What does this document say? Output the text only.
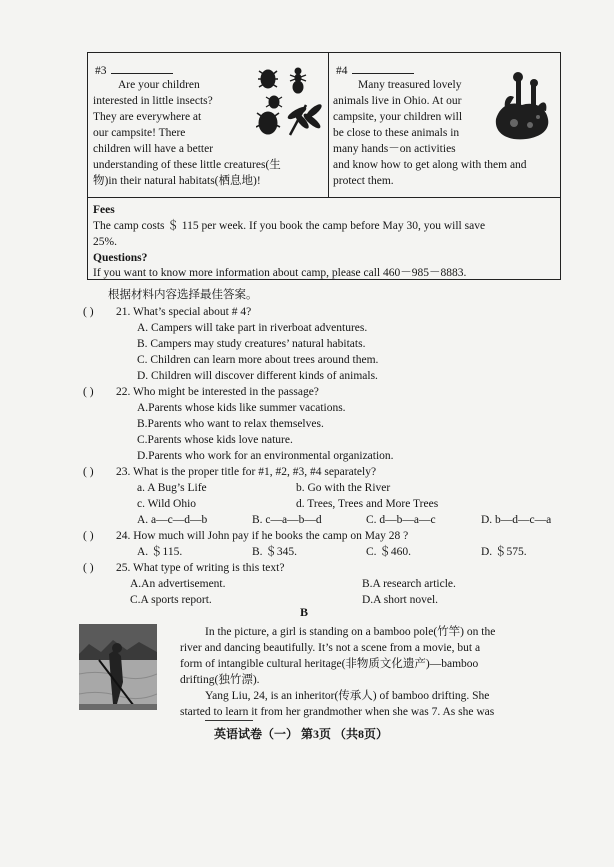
#3
Are your children
interested in little insects?
They are everywhere at
our campsite! There
children will have a better
understanding of these little creatures(生
物)in their natural habitats(栖息地)!
#4
Many treasured lovely
animals live in Ohio. At our
campsite, your children will
be close to these animals in
many hands－on activities
and know how to get along with them and
protect them.
Fees
The camp costs ＄ 115 per week. If you book the camp before May 30, you will save
25%.
Questions?
If you want to know more information about camp, please call 460－985－8883.
根据材料内容选择最佳答案。
( ) 21. What’s special about # 4?
A. Campers will take part in riverboat adventures.
B. Campers may study creatures’ natural habitats.
C. Children can learn more about trees around them.
D. Children will discover different kinds of animals.
( ) 22. Who might be interested in the passage?
A.Parents whose kids like summer vacations.
B.Parents who want to relax themselves.
C.Parents whose kids love nature.
D.Parents who work for an environmental organization.
( ) 23. What is the proper title for #1, #2, #3, #4 separately?
a. A Bug’s Life	b. Go with the River
c. Wild Ohio	d. Trees, Trees and More Trees
A. a—c—d—b	B. c—a—b—d	C. d—b—a—c	D. b—d—c—a
( ) 24. How much will John pay if he books the camp on May 28 ?
A. ＄115.	B. ＄345.	C. ＄460.	D. ＄575.
( ) 25. What type of writing is this text?
A.An advertisement.	B.A research article.
C.A sports report.	D.A short novel.
B
In the picture, a girl is standing on a bamboo pole(竹竿) on the
river and dancing beautifully. It’s not a scene from a movie, but a
form of intangible cultural heritage(非物质文化遗产)—bamboo
drifting(独竹漂).
Yang Liu, 24, is an inheritor(传承人) of bamboo drifting. She
started to learn it from her grandmother when she was 7. As she was
英语试卷（一） 第3页 （共8页）
